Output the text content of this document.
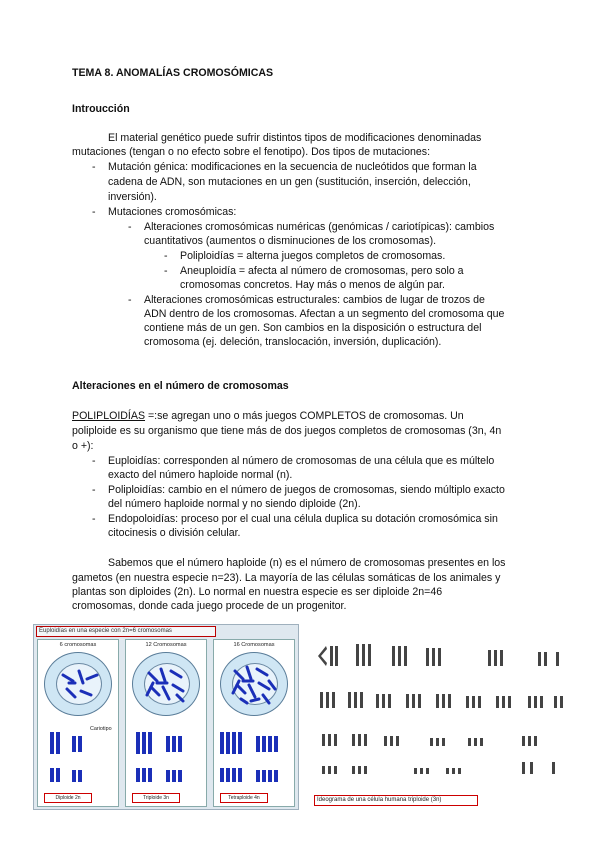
TEMA 8. ANOMALÍAS CROMOSÓMICAS
Introucción
El material genético puede sufrir distintos tipos de modificaciones denominadas
mutaciones (tengan o no efecto sobre el fenotipo). Dos tipos de mutaciones:
- Mutación génica: modificaciones en la secuencia de nucleótidos que forman la
cadena de ADN, son mutaciones en un gen (sustitución, inserción, delección,
inversión).
- Mutaciones cromosómicas:
- Alteraciones cromosómicas numéricas (genómicas / cariotípicas): cambios
cuantitativos (aumentos o disminuciones de los cromosomas).
- Poliploidías = alterna juegos completos de cromosomas.
- Aneuploidía = afecta al número de cromosomas, pero solo a
cromosomas concretos. Hay más o menos de algún par.
- Alteraciones cromosómicas estructurales: cambios de lugar de trozos de
ADN dentro de los cromosomas. Afectan a un segmento del cromosoma que
contiene más de un gen. Son cambios en la disposición o estructura del
cromosoma (ej. deleción, translocación, inversión, duplicación).
Alteraciones en el número de cromosomas
POLIPLOIDÍAS =:se agregan uno o más juegos COMPLETOS de cromosomas. Un
poliploide es su organismo que tiene más de dos juegos completos de cromosomas (3n, 4n
o +):
- Euploidías: corresponden al número de cromosomas de una célula que es múltelo
exacto del número haploide normal (n).
- Poliploidías: cambio en el número de juegos de cromosomas, siendo múltiplo exacto
del número haploide normal y no siendo diploide (2n).
- Endopoloidías: proceso por el cual una célula duplica su dotación cromosómica sin
citocinesis o división celular.
Sabemos que el número haploide (n) es el número de cromosomas presentes en los
gametos (en nuestra especie n=23). La mayoría de las células somáticas de los animales y
plantas son diploides (2n). Lo normal en nuestra especie es ser diploide 2n=46
cromosomas, donde cada juego procede de un progenitor.
Euploidías en una especie con 2n=6 cromosomas
6 cromosomas
Cariotipo
Diploide 2n
12 Cromosomas
Triploide 3n
16 Cromosomas
Tetraploide 4n	Ideograma de una célula humana triploide (3n)
